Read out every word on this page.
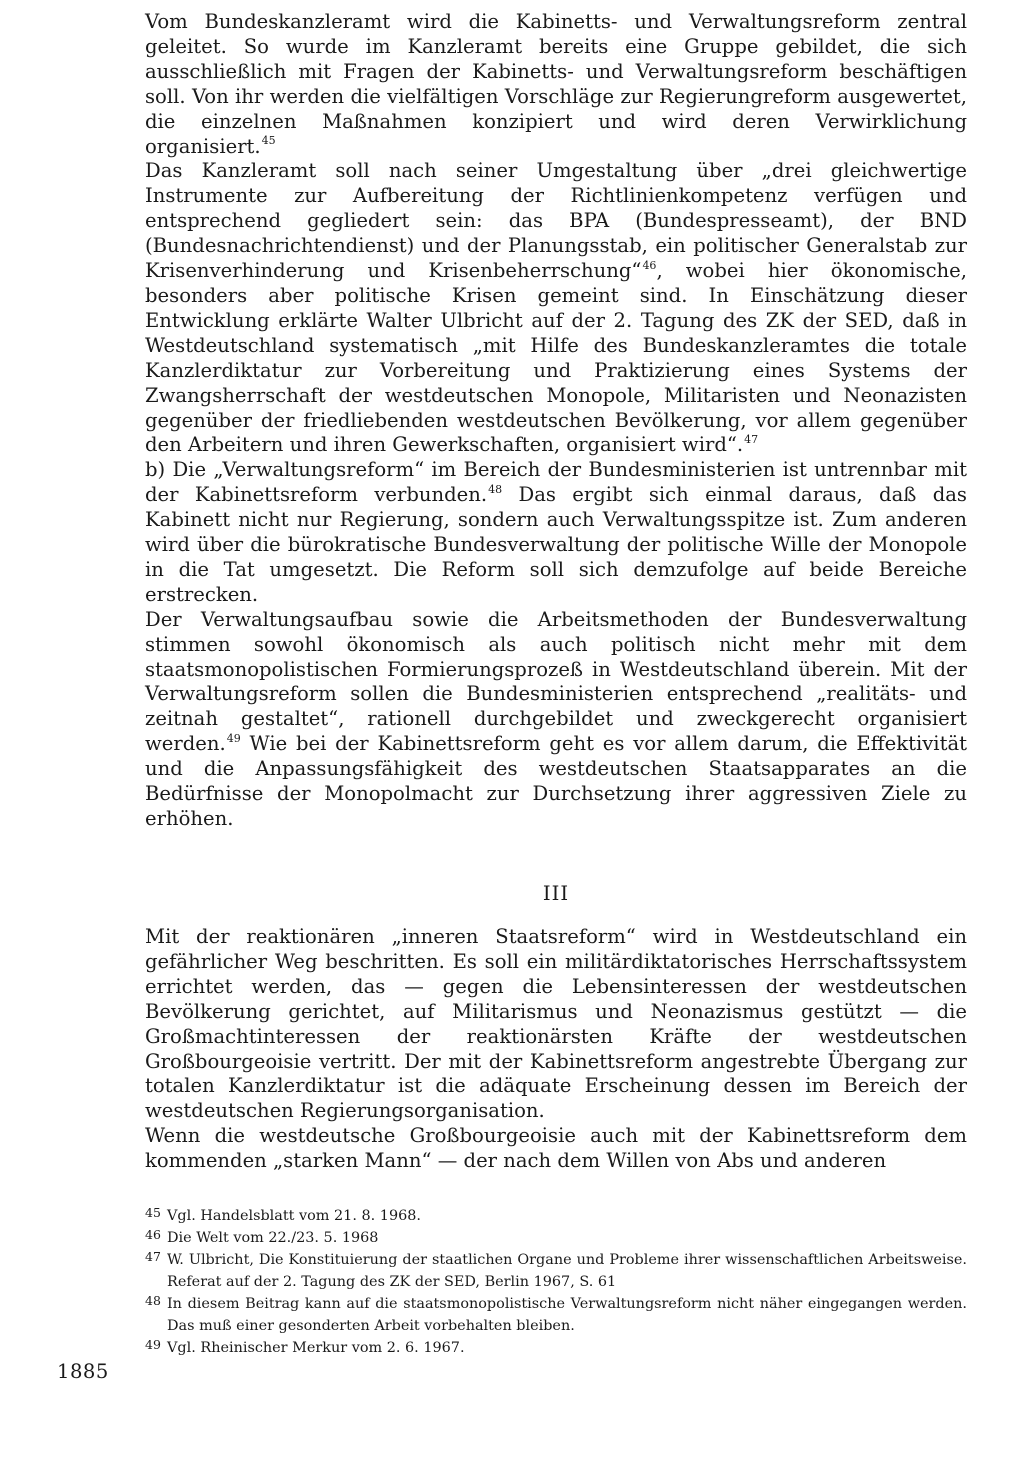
Vom Bundeskanzleramt wird die Kabinetts- und Verwaltungsreform zentral geleitet. So wurde im Kanzleramt bereits eine Gruppe gebildet, die sich ausschließlich mit Fragen der Kabinetts- und Verwaltungsreform beschäftigen soll. Von ihr werden die vielfältigen Vorschläge zur Regierungreform ausgewertet, die einzelnen Maßnahmen konzipiert und wird deren Verwirklichung organisiert.$^{45}$

Das Kanzleramt soll nach seiner Umgestaltung über „drei gleichwertige Instrumente zur Aufbereitung der Richtlinienkompetenz verfügen und entsprechend gegliedert sein: das BPA (Bundespresseamt), der BND (Bundesnachrichtendienst) und der Planungsstab, ein politischer Generalstab zur Krisenverhinderung und Krisenbeherrschung“$^{46}$, wobei hier ökonomische, besonders aber politische Krisen gemeint sind. In Einschätzung dieser Entwicklung erklärte Walter Ulbricht auf der 2. Tagung des ZK der SED, daß in Westdeutschland systematisch „mit Hilfe des Bundeskanzleramtes die totale Kanzlerdiktatur zur Vorbereitung und Praktizierung eines Systems der Zwangsherrschaft der westdeutschen Monopole, Militaristen und Neonazisten gegenüber der friedliebenden westdeutschen Bevölkerung, vor allem gegenüber den Arbeitern und ihren Gewerkschaften, organisiert wird“.$^{47}$

b) Die „Verwaltungsreform“ im Bereich der Bundesministerien ist untrennbar mit der Kabinettsreform verbunden.$^{48}$ Das ergibt sich einmal daraus, daß das Kabinett nicht nur Regierung, sondern auch Verwaltungsspitze ist. Zum anderen wird über die bürokratische Bundesverwaltung der politische Wille der Monopole in die Tat umgesetzt. Die Reform soll sich demzufolge auf beide Bereiche erstrecken.

Der Verwaltungsaufbau sowie die Arbeitsmethoden der Bundesverwaltung stimmen sowohl ökonomisch als auch politisch nicht mehr mit dem staatsmonopolistischen Formierungsprozeß in Westdeutschland überein. Mit der Verwaltungsreform sollen die Bundesministerien entsprechend „realitäts- und zeitnah gestaltet“, rationell durchgebildet und zweckgerecht organisiert werden.$^{49}$ Wie bei der Kabinettsreform geht es vor allem darum, die Effektivität und die Anpassungsfähigkeit des westdeutschen Staatsapparates an die Bedürfnisse der Monopolmacht zur Durchsetzung ihrer aggressiven Ziele zu erhöhen.

III

Mit der reaktionären „inneren Staatsreform“ wird in Westdeutschland ein gefährlicher Weg beschritten. Es soll ein militärdiktatorisches Herrschaftssystem errichtet werden, das — gegen die Lebensinteressen der westdeutschen Bevölkerung gerichtet, auf Militarismus und Neonazismus gestützt — die Großmachtinteressen der reaktionärsten Kräfte der westdeutschen Großbourgeoisie vertritt. Der mit der Kabinettsreform angestrebte Übergang zur totalen Kanzlerdiktatur ist die adäquate Erscheinung dessen im Bereich der westdeutschen Regierungsorganisation.

Wenn die westdeutsche Großbourgeoisie auch mit der Kabinettsreform dem kommenden „starken Mann“ — der nach dem Willen von Abs und anderen

45 Vgl. Handelsblatt vom 21. 8. 1968.
46 Die Welt vom 22./23. 5. 1968
47 W. Ulbricht, Die Konstituierung der staatlichen Organe und Probleme ihrer wissenschaftlichen Arbeitsweise. Referat auf der 2. Tagung des ZK der SED, Berlin 1967, S. 61
48 In diesem Beitrag kann auf die staatsmonopolistische Verwaltungsreform nicht näher eingegangen werden. Das muß einer gesonderten Arbeit vorbehalten bleiben.
49 Vgl. Rheinischer Merkur vom 2. 6. 1967.
1885
